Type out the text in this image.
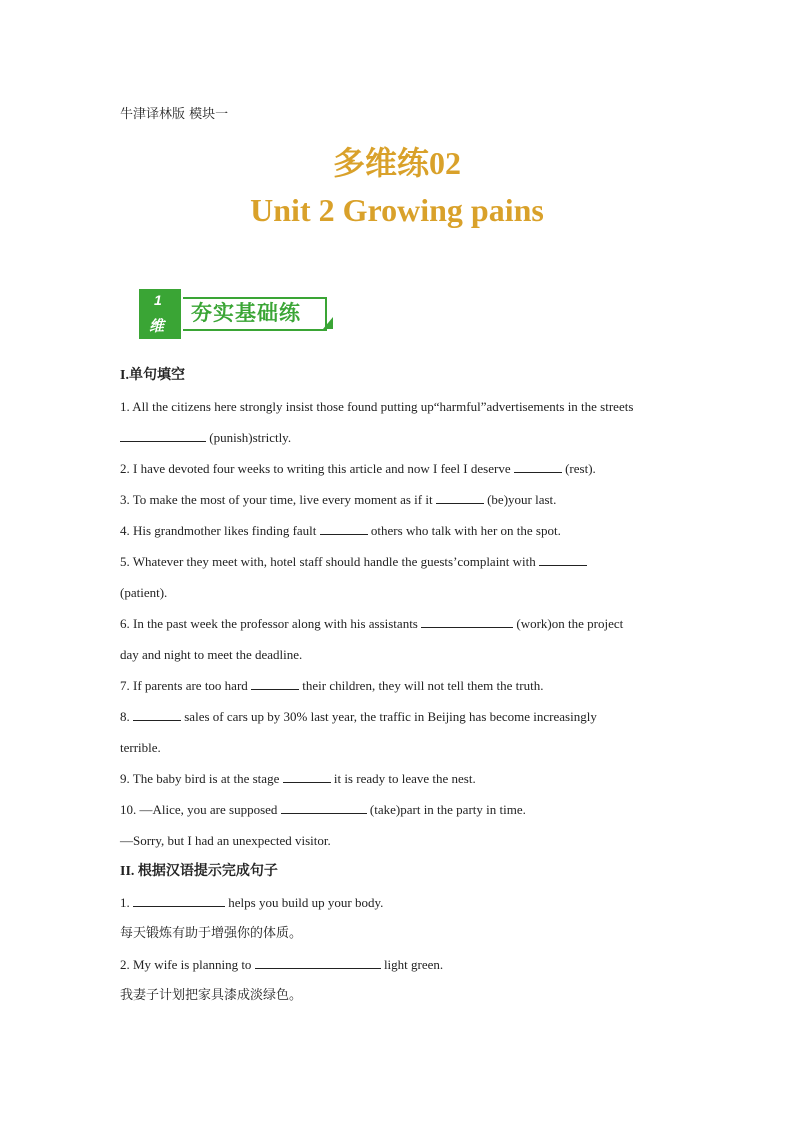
牛津译林版 模块一
多维练02
Unit 2 Growing pains
1
维
夯实基础练
I.单句填空
1. All the citizens here strongly insist those found putting up“harmful”advertisements in the streets
(punish)strictly.
2. I have devoted four weeks to writing this article and now I feel I deserve	(rest).
3. To make the most of your time, live every moment as if it	(be)your last.
4. His grandmother likes finding fault	others who talk with her on the spot.
5. Whatever they meet with, hotel staff should handle the guests’complaint with
(patient).
6. In the past week the professor along with his assistants	(work)on the project
day and night to meet the deadline.
7. If parents are too hard	their children, they will not tell them the truth.
8.	sales of cars up by 30% last year, the traffic in Beijing has become increasingly
terrible.
9. The baby bird is at the stage	it is ready to leave the nest.
10. —Alice, you are supposed	(take)part in the party in time.
—Sorry, but I had an unexpected visitor.
II. 根据汉语提示完成句子
1.	helps you build up your body.
每天锻炼有助于增强你的体质。
2. My wife is planning to	light green.
我妻子计划把家具漆成淡绿色。
